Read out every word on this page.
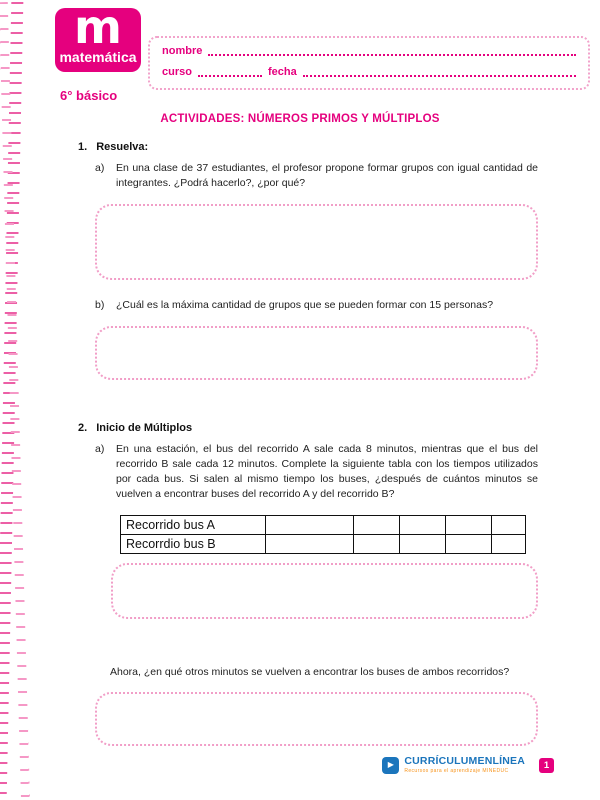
m
matemática
6° básico
nombre
curso	fecha
ACTIVIDADES: NÚMEROS PRIMOS Y MÚLTIPLOS
1. Resuelva:
a)	En una clase de 37 estudiantes, el profesor propone formar grupos con igual cantidad de integrantes. ¿Podrá hacerlo?, ¿por qué?

b)	¿Cuál es la máxima cantidad de grupos que se pueden formar con 15 personas?

2. Inicio de Múltiplos
a)	En una estación, el bus del recorrido A sale cada 8 minutos, mientras que el bus del recorrido B sale cada 12 minutos. Complete la siguiente tabla con los tiempos utilizados por cada bus. Si salen al mismo tiempo los buses, ¿después de cuántos minutos se vuelven a encontrar buses del recorrido A y del recorrido B?

Recorrido bus A					
Recorrdio bus B					

Ahora, ¿en qué otros minutos se vuelven a encontrar los buses de ambos recorridos?

▶ CURRÍCULUMENLÍNEA
Recursos para el aprendizaje MINEDUC
1
